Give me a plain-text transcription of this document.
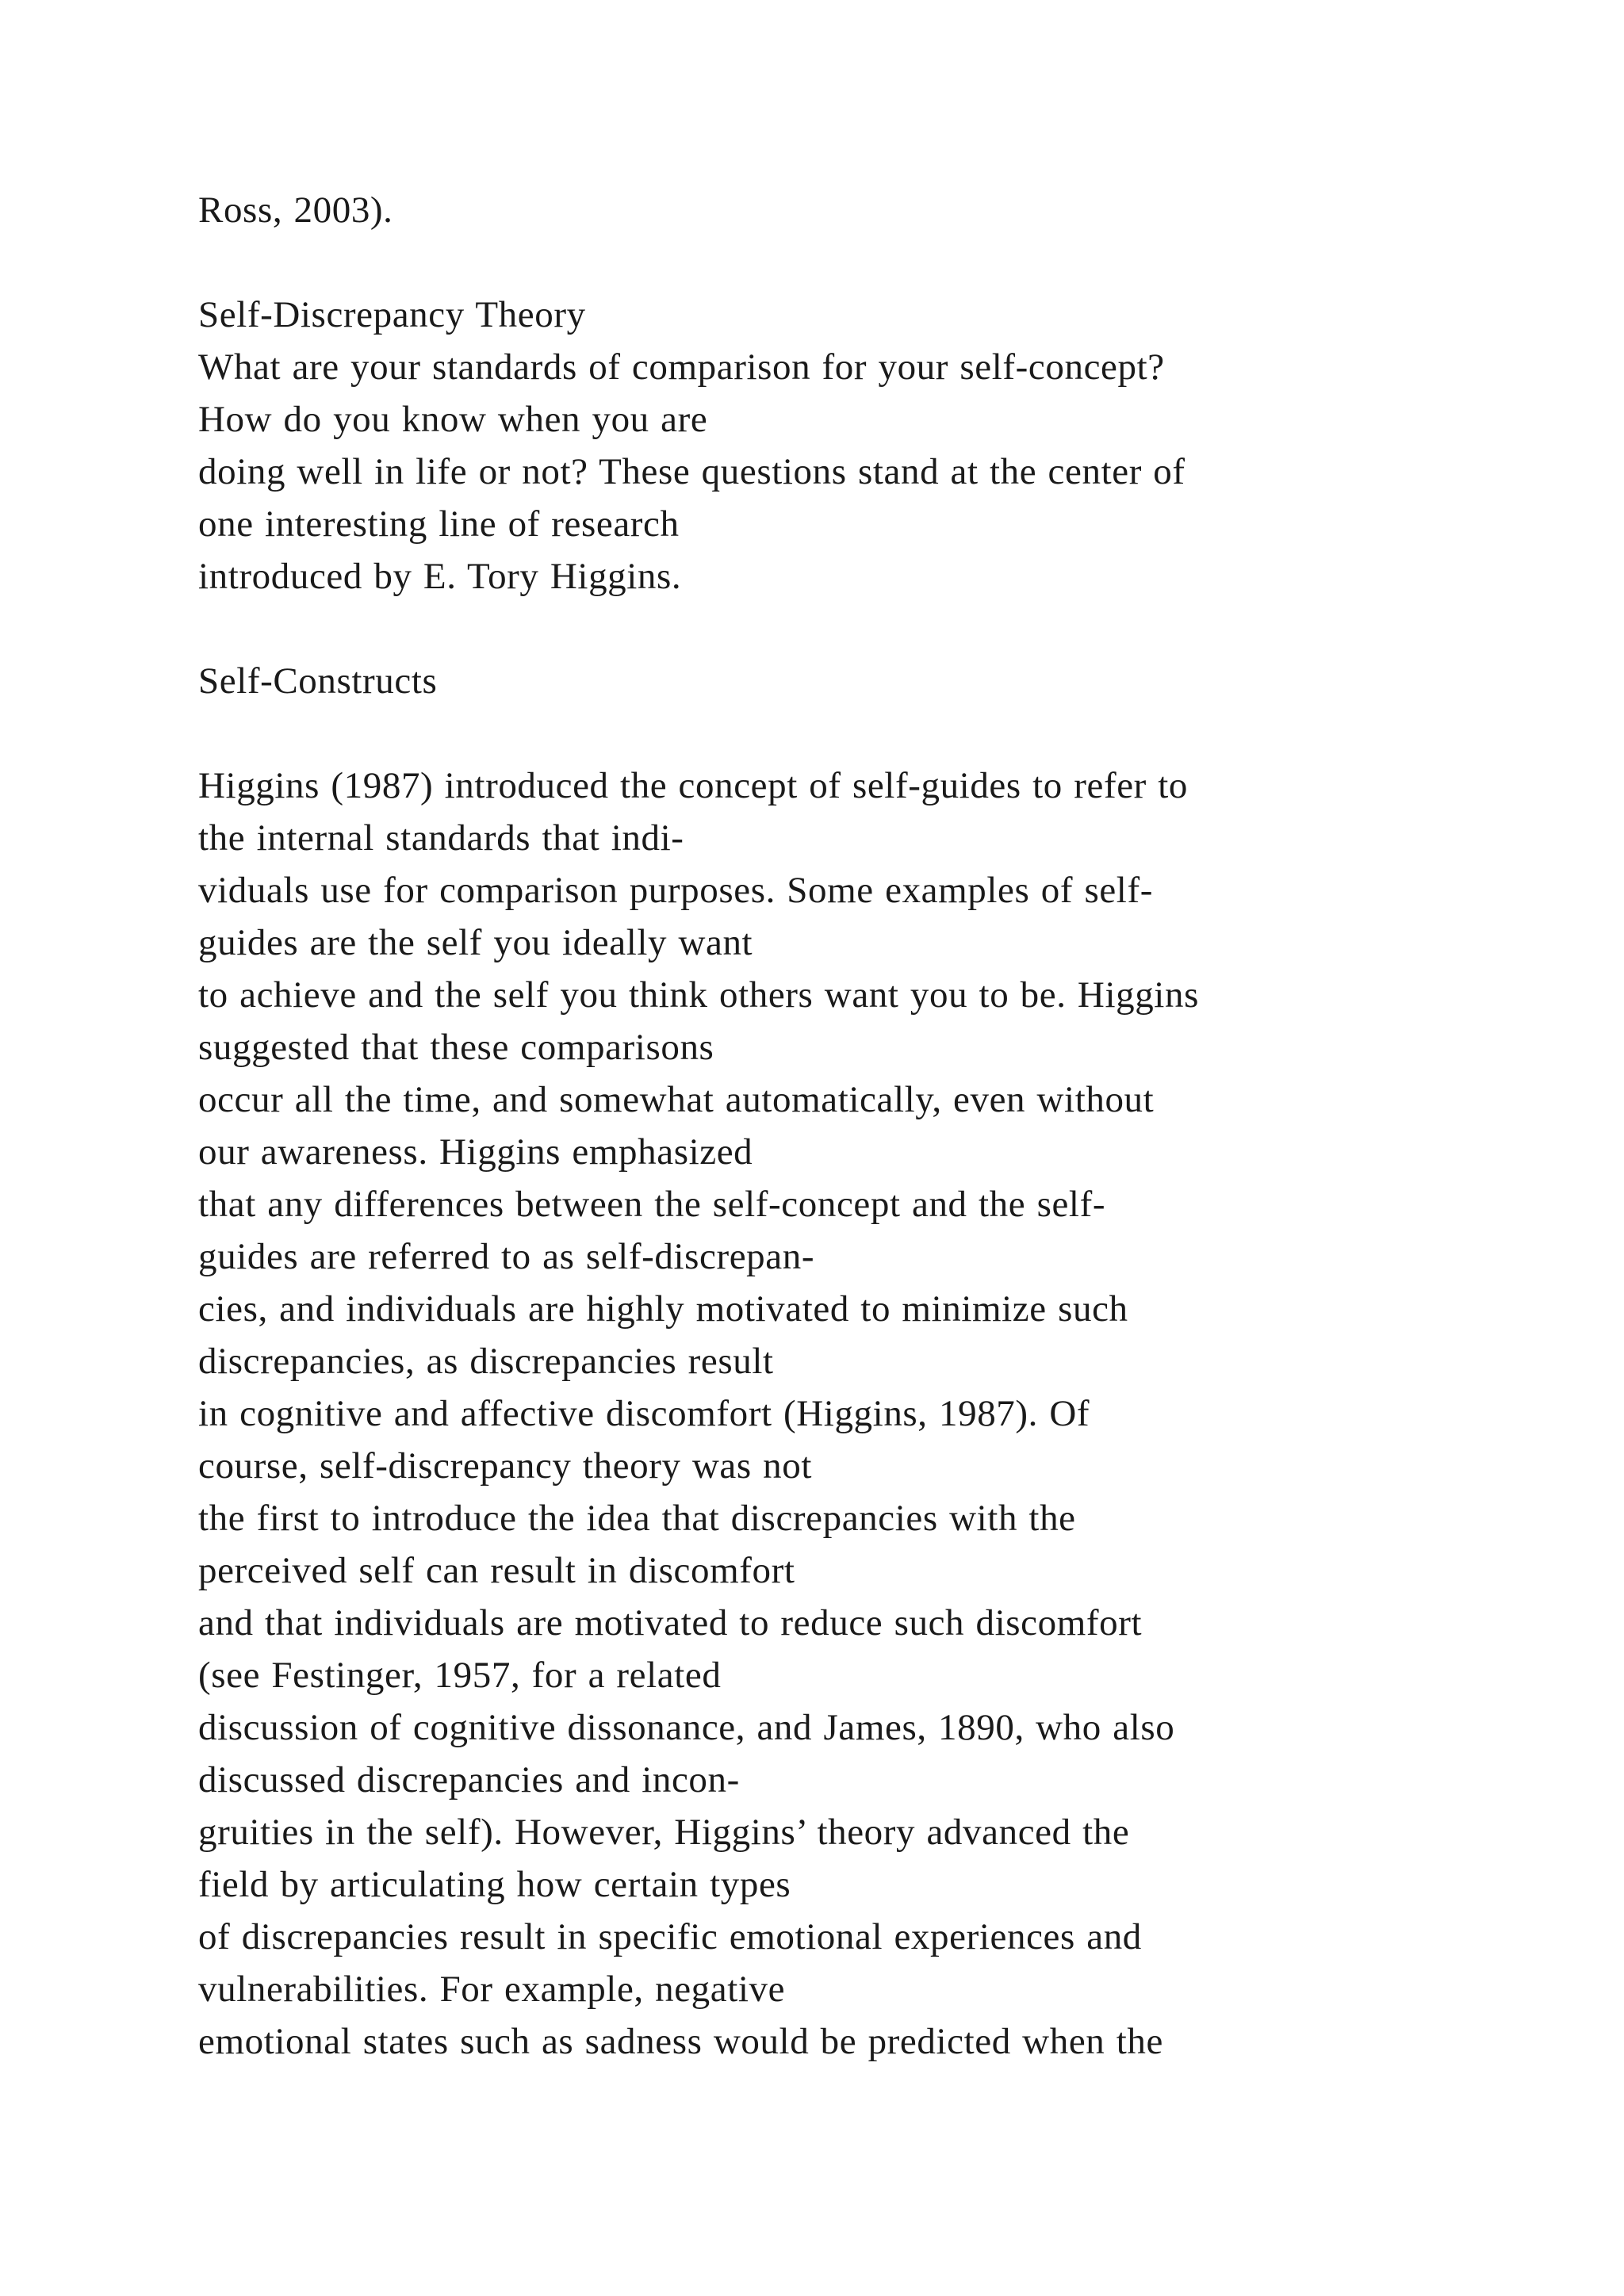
Ross, 2003).
Self-Discrepancy Theory
What are your standards of comparison for your self-concept?
How do you know when you are
doing well in life or not? These questions stand at the center of
one interesting line of research
introduced by E. Tory Higgins.
Self-Constructs
Higgins (1987) introduced the concept of self-guides to refer to
the internal standards that indi-
viduals use for comparison purposes. Some examples of self-
guides are the self you ideally want
to achieve and the self you think others want you to be. Higgins
suggested that these comparisons
occur all the time, and somewhat automatically, even without
our awareness. Higgins emphasized
that any differences between the self-concept and the self-
guides are referred to as self-discrepan-
cies, and individuals are highly motivated to minimize such
discrepancies, as discrepancies result
in cognitive and affective discomfort (Higgins, 1987). Of
course, self-discrepancy theory was not
the first to introduce the idea that discrepancies with the
perceived self can result in discomfort
and that individuals are motivated to reduce such discomfort
(see Festinger, 1957, for a related
discussion of cognitive dissonance, and James, 1890, who also
discussed discrepancies and incon-
gruities in the self). However, Higgins’ theory advanced the
field by articulating how certain types
of discrepancies result in specific emotional experiences and
vulnerabilities. For example, negative
emotional states such as sadness would be predicted when the
